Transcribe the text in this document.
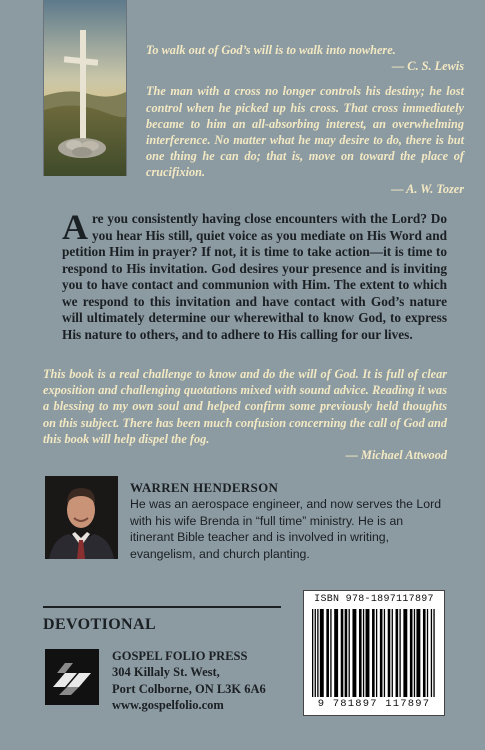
To walk out of God’s will is to walk into nowhere.

— C. S. Lewis

The man with a cross no longer controls his destiny; he lost control when he picked up his cross. That cross immediately became to him an all-absorbing interest, an overwhelming interference. No matter what he may desire to do, there is but one thing he can do; that is, move on toward the place of crucifixion.

— A. W. Tozer

Are you consistently having close encounters with the Lord? Do you hear His still, quiet voice as you mediate on His Word and petition Him in prayer? If not, it is time to take action—it is time to respond to His invitation. God desires your presence and is inviting you to have contact and communion with Him. The extent to which we respond to this invitation and have contact with God’s nature will ultimately determine our wherewithal to know God, to express His nature to others, and to adhere to His calling for our lives.

This book is a real challenge to know and do the will of God. It is full of clear exposition and challenging quotations mixed with sound advice. Reading it was a blessing to my own soul and helped confirm some previously held thoughts on this subject. There has been much confusion concerning the call of God and this book will help dispel the fog.

— Michael Attwood

WARREN HENDERSON
He was an aerospace engineer, and now serves the Lord with his wife Brenda in “full time” ministry. He is an itinerant Bible teacher and is involved in writing, evangelism, and church planting.
DEVOTIONAL
GOSPEL FOLIO PRESS
304 Killaly St. West,
Port Colborne, ON L3K 6A6
www.gospelfolio.com
ISBN 978-1897117897
9 781897 117897
